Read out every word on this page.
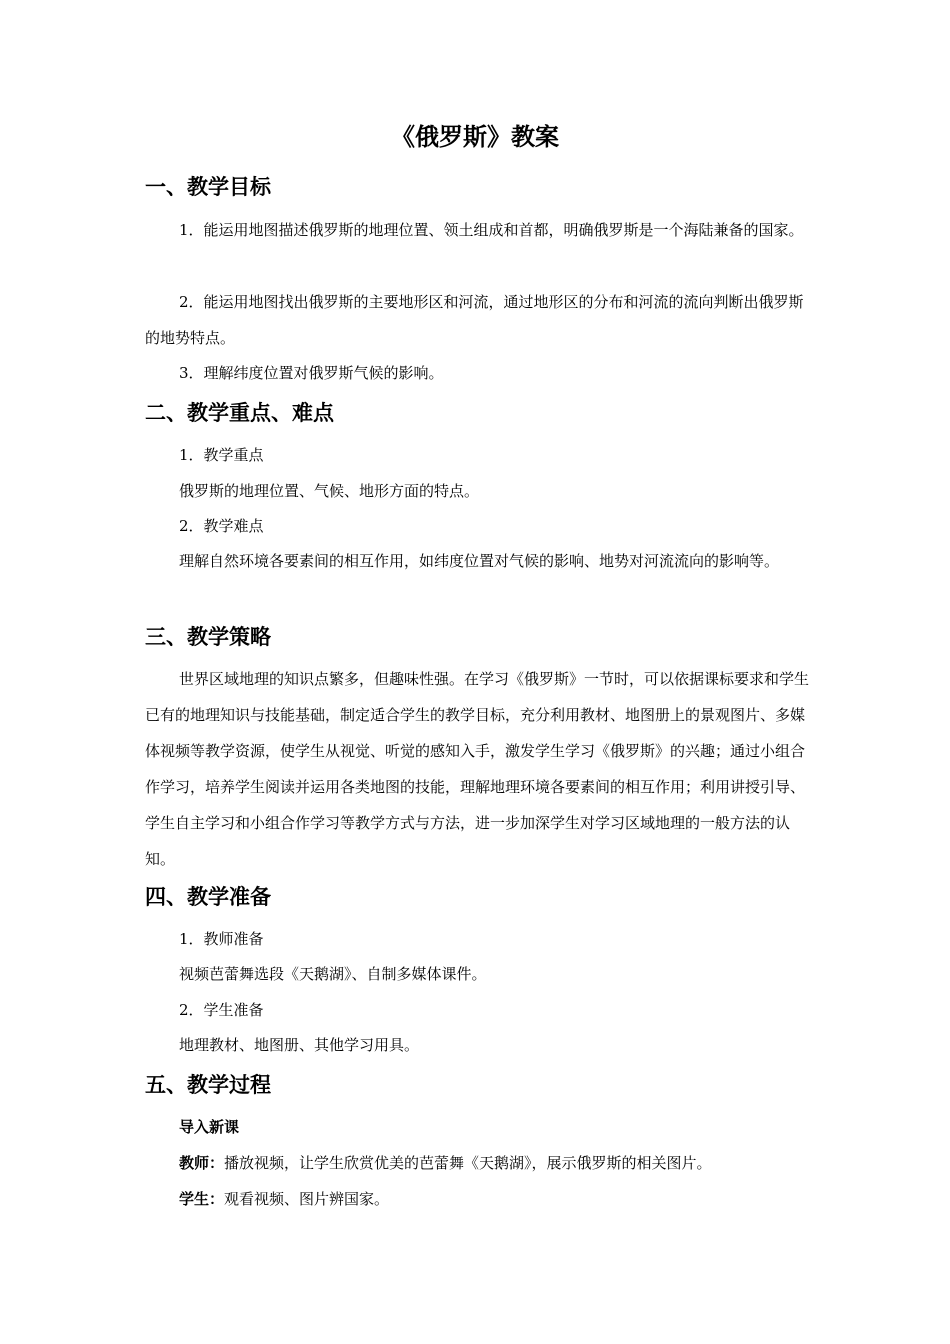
《俄罗斯》教案
一、教学目标
1．能运用地图描述俄罗斯的地理位置、领土组成和首都，明确俄罗斯是一个海陆兼备的国家。
2．能运用地图找出俄罗斯的主要地形区和河流，通过地形区的分布和河流的流向判断出俄罗斯的地势特点。
3．理解纬度位置对俄罗斯气候的影响。
二、教学重点、难点
1．教学重点
俄罗斯的地理位置、气候、地形方面的特点。
2．教学难点
理解自然环境各要素间的相互作用，如纬度位置对气候的影响、地势对河流流向的影响等。
三、教学策略
世界区域地理的知识点繁多，但趣味性强。在学习《俄罗斯》一节时，可以依据课标要求和学生已有的地理知识与技能基础，制定适合学生的教学目标，充分利用教材、地图册上的景观图片、多媒体视频等教学资源，使学生从视觉、听觉的感知入手，激发学生学习《俄罗斯》的兴趣；通过小组合作学习，培养学生阅读并运用各类地图的技能，理解地理环境各要素间的相互作用；利用讲授引导、学生自主学习和小组合作学习等教学方式与方法，进一步加深学生对学习区域地理的一般方法的认知。
四、教学准备
1．教师准备
视频芭蕾舞选段《天鹅湖》、自制多媒体课件。
2．学生准备
地理教材、地图册、其他学习用具。
五、教学过程
导入新课
教师：播放视频，让学生欣赏优美的芭蕾舞《天鹅湖》，展示俄罗斯的相关图片。
学生：观看视频、图片辨国家。
